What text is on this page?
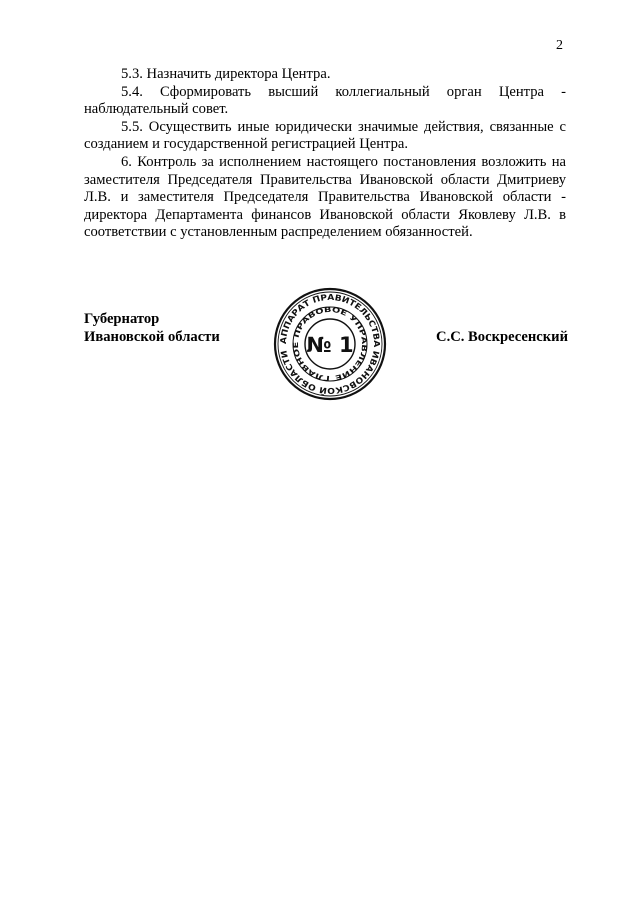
2

5.3. Назначить директора Центра.

5.4. Сформировать высший коллегиальный орган Центра - наблюдательный совет.

5.5. Осуществить иные юридически значимые действия, связанные с созданием и государственной регистрацией Центра.

6. Контроль за исполнением настоящего постановления возложить на заместителя Председателя Правительства Ивановской области Дмитриеву Л.В. и заместителя Председателя Правительства Ивановской области - директора Департамента финансов Ивановской области Яковлеву Л.В. в соответствии с установленным распределением обязанностей.

Губернатор
Ивановской области	АППАРАТ ПРАВИТЕЛЬСТВА ИВАНОВСКОЙ ОБЛАСТИ
ГЛАВНОЕ ПРАВОВОЕ УПРАВЛЕНИЕ
№ 1	С.С. Воскресенский
